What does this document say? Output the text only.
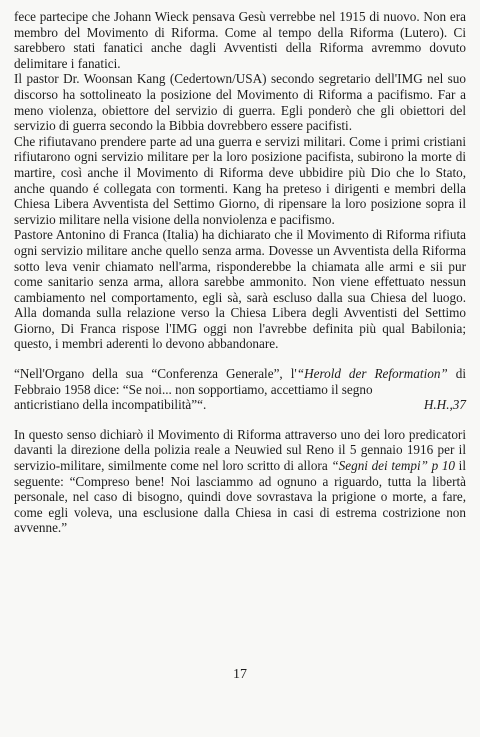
fece partecipe che Johann Wieck pensava Gesù verrebbe nel 1915 di nuovo. Non era membro del Movimento di Riforma. Come al tempo della Riforma (Lutero). Ci sarebbero stati fanatici anche dagli Avventisti della Riforma avremmo dovuto delimitare i fanatici.

Il pastor Dr. Woonsan Kang (Cedertown/USA) secondo segretario dell'IMG nel suo discorso ha sottolineato la posizione del Movimento di Riforma a pacifismo. Far a meno violenza, obiettore del servizio di guerra. Egli ponderò che gli obiettori del servizio di guerra secondo la Bibbia dovrebbero essere pacifisti.

Che rifiutavano prendere parte ad una guerra e servizi militari. Come i primi cristiani rifiutarono ogni servizio militare per la loro posizione pacifista, subirono la morte di martire, così anche il Movimento di Riforma deve ubbidire più Dio che lo Stato, anche quando é collegata con tormenti. Kang ha preteso i dirigenti e membri della Chiesa Libera Avventista del Settimo Giorno, di ripensare la loro posizione sopra il servizio militare nella visione della nonviolenza e pacifismo.

Pastore Antonino di Franca (Italia) ha dichiarato che il Movimento di Riforma rifiuta ogni servizio militare anche quello senza arma. Dovesse un Avventista della Riforma sotto leva venir chiamato nell'arma, risponderebbe la chiamata alle armi e sii pur come sanitario senza arma, allora sarebbe ammonito. Non viene effettuato nessun cambiamento nel comportamento, egli sà, sarà escluso dalla sua Chiesa del luogo. Alla domanda sulla relazione verso la Chiesa Libera degli Avventisti del Settimo Giorno, Di Franca rispose l'IMG oggi non l'avrebbe definita più qual Babilonia; questo, i membri aderenti lo devono abbandonare.

“Nell'Organo della sua “Conferenza Generale”, l'“Herold der Reformation” di Febbraio 1958 dice: “Se noi... non sopportiamo, accettiamo il segno

anticristiano della incompatibilità”“.	H.H.,37

In questo senso dichiarò il Movimento di Riforma attraverso uno dei loro predicatori davanti la direzione della polizia reale a Neuwied sul Reno il 5 gennaio 1916 per il servizio-militare, similmente come nel loro scritto di allora “Segni dei tempi” p 10 il seguente: “Compreso bene! Noi lasciammo ad ognuno a riguardo, tutta la libertà personale, nel caso di bisogno, quindi dove sovrastava la prigione o morte, a fare, come egli voleva, una esclusione dalla Chiesa in casi di estrema costrizione non avvenne.”

17
